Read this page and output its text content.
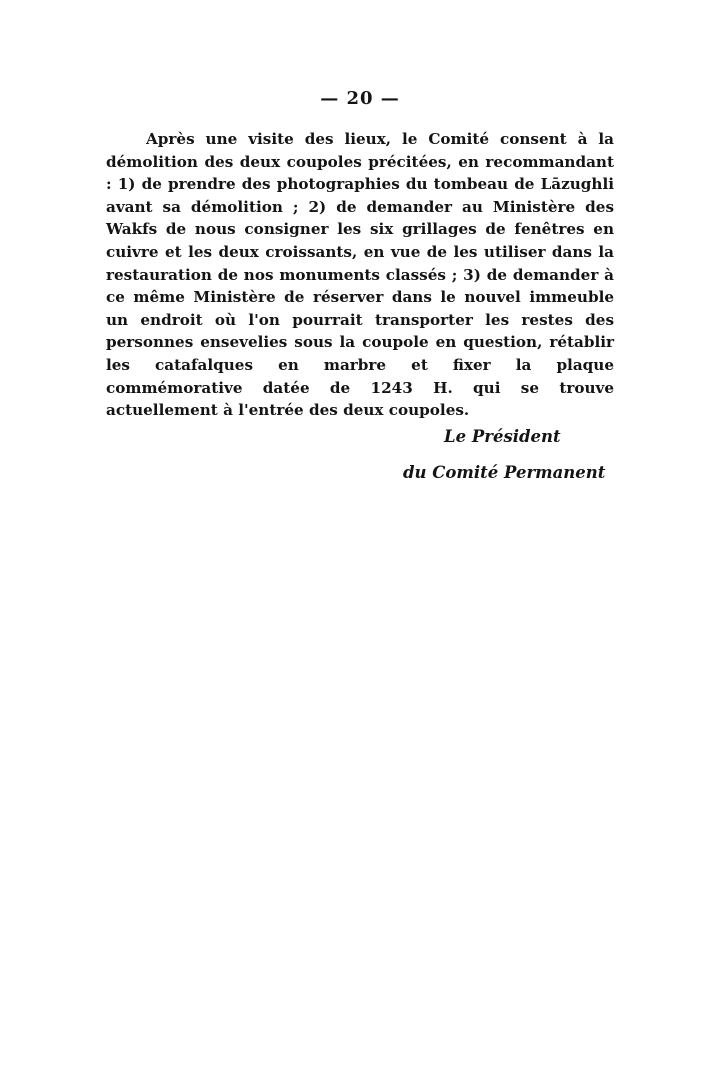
— 20 —

Après une visite des lieux, le Comité consent à la démolition des deux coupoles précitées, en recommandant : 1) de prendre des photographies du tombeau de Lāzughli avant sa démolition ; 2) de demander au Ministère des Wakfs de nous consigner les six grillages de fenêtres en cuivre et les deux croissants, en vue de les utiliser dans la restauration de nos monuments classés ; 3) de demander à ce même Ministère de réserver dans le nouvel immeuble un endroit où l'on pourrait transporter les restes des personnes ensevelies sous la coupole en question, rétablir les catafalques en marbre et fixer la plaque commémorative datée de 1243 H. qui se trouve actuellement à l'entrée des deux coupoles.

Le Président
du Comité Permanent
